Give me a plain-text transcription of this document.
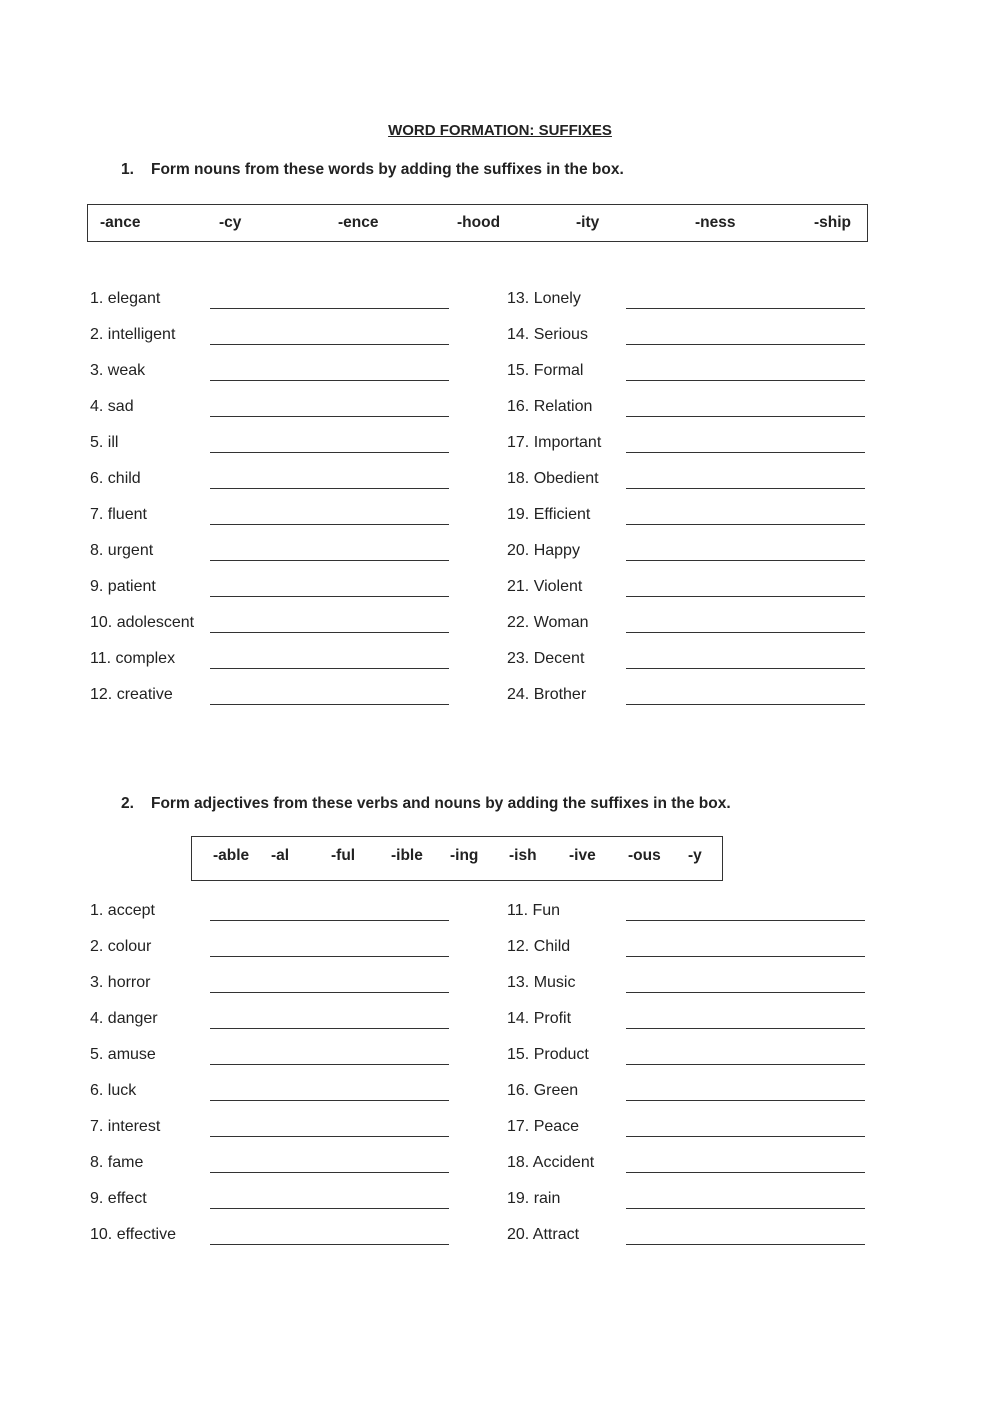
WORD FORMATION: SUFFIXES
1. Form nouns from these words by adding the suffixes in the box.
-ance	-cy	-ence	-hood	-ity	-ness	-ship
1. elegant
2. intelligent
3. weak
4. sad
5. ill
6. child
7. fluent
8. urgent
9. patient
10. adolescent
11. complex
12. creative
13. Lonely
14. Serious
15. Formal
16. Relation
17. Important
18. Obedient
19. Efficient
20. Happy
21. Violent
22. Woman
23. Decent
24. Brother
2. Form adjectives from these verbs and nouns by adding the suffixes in the box.
-able -al	-ful -ible -ing -ish -ive -ous -y
1. accept
2. colour
3. horror
4. danger
5. amuse
6. luck
7. interest
8. fame
9. effect
10. effective
11. Fun
12. Child
13. Music
14. Profit
15. Product
16. Green
17. Peace
18. Accident
19. rain
20. Attract
